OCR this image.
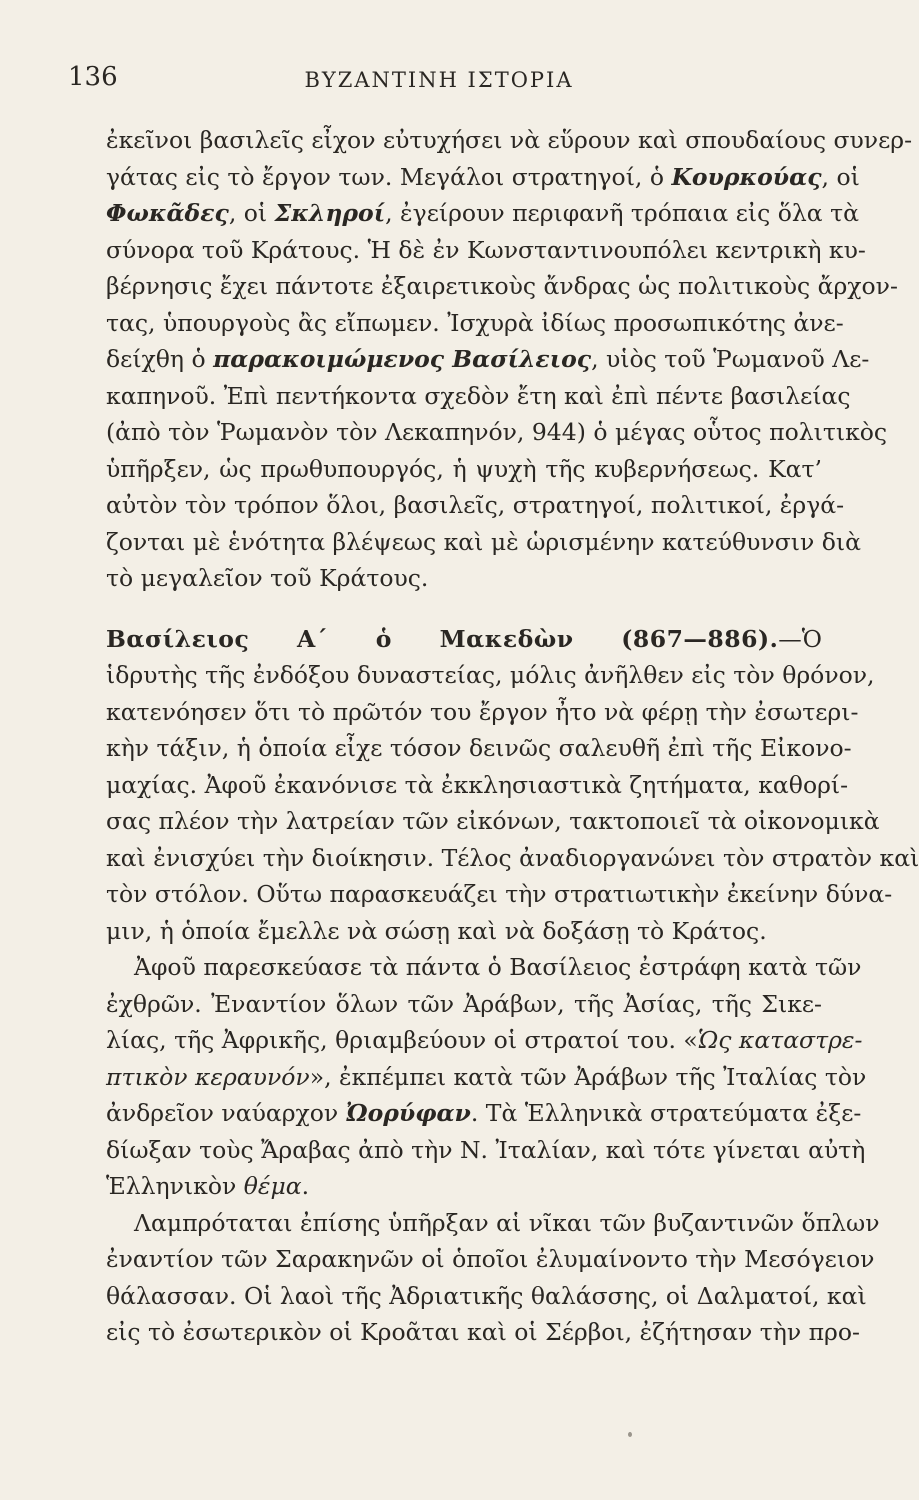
136	ΒΥΖΑΝΤΙΝΗ ΙΣΤΟΡΙΑ
ἐκεῖνοι βασιλεῖς εἶχον εὐτυχήσει νὰ εὕρουν καὶ σπουδαίους συνερ-
γάτας εἰς τὸ ἔργον των. Μεγάλοι στρατηγοί, ὁ Κουρκούας, οἱ
Φωκᾶδες, οἱ Σκληροί, ἐγείρουν περιφανῆ τρόπαια εἰς ὅλα τὰ
σύνορα τοῦ Κράτους. Ἡ δὲ ἐν Κωνσταντινουπόλει κεντρικὴ κυ-
βέρνησις ἔχει πάντοτε ἐξαιρετικοὺς ἄνδρας ὡς πολιτικοὺς ἄρχον-
τας, ὑπουργοὺς ἂς εἴπωμεν. Ἰσχυρὰ ἰδίως προσωπικότης ἀνε-
δείχθη ὁ παρακοιμώμενος Βασίλειος, υἱὸς τοῦ Ῥωμανοῦ Λε-
καπηνοῦ. Ἐπὶ πεντήκοντα σχεδὸν ἔτη καὶ ἐπὶ πέντε βασιλείας
(ἀπὸ τὸν Ῥωμανὸν τὸν Λεκαπηνόν, 944) ὁ μέγας οὗτος πολιτικὸς
ὑπῆρξεν, ὡς πρωθυπουργός, ἡ ψυχὴ τῆς κυβερνήσεως. Κατ’
αὐτὸν τὸν τρόπον ὅλοι, βασιλεῖς, στρατηγοί, πολιτικοί, ἐργά-
ζονται μὲ ἑνότητα βλέψεως καὶ μὲ ὡρισμένην κατεύθυνσιν διὰ
τὸ μεγαλεῖον τοῦ Κράτους.
Βασίλειος Α΄ ὁ Μακεδὼν (867—886).—Ὁ
ἱδρυτὴς τῆς ἐνδόξου δυναστείας, μόλις ἀνῆλθεν εἰς τὸν θρόνον,
κατενόησεν ὅτι τὸ πρῶτόν του ἔργον ἦτο νὰ φέρῃ τὴν ἐσωτερι-
κὴν τάξιν, ἡ ὁποία εἶχε τόσον δεινῶς σαλευθῆ ἐπὶ τῆς Εἰκονο-
μαχίας. Ἀφοῦ ἐκανόνισε τὰ ἐκκλησιαστικὰ ζητήματα, καθορί-
σας πλέον τὴν λατρείαν τῶν εἰκόνων, τακτοποιεῖ τὰ οἰκονομικὰ
καὶ ἐνισχύει τὴν διοίκησιν. Τέλος ἀναδιοργανώνει τὸν στρατὸν καὶ
τὸν στόλον. Οὕτω παρασκευάζει τὴν στρατιωτικὴν ἐκείνην δύνα-
μιν, ἡ ὁποία ἔμελλε νὰ σώσῃ καὶ νὰ δοξάσῃ τὸ Κράτος.
Ἀφοῦ παρεσκεύασε τὰ πάντα ὁ Βασίλειος ἐστράφη κατὰ τῶν
ἐχθρῶν. Ἐναντίον ὅλων τῶν Ἀράβων, τῆς Ἀσίας, τῆς Σικε-
λίας, τῆς Ἀφρικῆς, θριαμβεύουν οἱ στρατοί του. «Ὡς καταστρε-
πτικὸν κεραυνόν», ἐκπέμπει κατὰ τῶν Ἀράβων τῆς Ἰταλίας τὸν
ἀνδρεῖον ναύαρχον Ὠορύφαν. Τὰ Ἑλληνικὰ στρατεύματα ἐξε-
δίωξαν τοὺς Ἄραβας ἀπὸ τὴν Ν. Ἰταλίαν, καὶ τότε γίνεται αὐτὴ
Ἑλληνικὸν θέμα.
Λαμπρόταται ἐπίσης ὑπῆρξαν αἱ νῖκαι τῶν βυζαντινῶν ὅπλων
ἐναντίον τῶν Σαρακηνῶν οἱ ὁποῖοι ἐλυμαίνοντο τὴν Μεσόγειον
θάλασσαν. Οἱ λαοὶ τῆς Ἀδριατικῆς θαλάσσης, οἱ Δαλματοί, καὶ
εἰς τὸ ἐσωτερικὸν οἱ Κροᾶται καὶ οἱ Σέρβοι, ἐζήτησαν τὴν προ-
